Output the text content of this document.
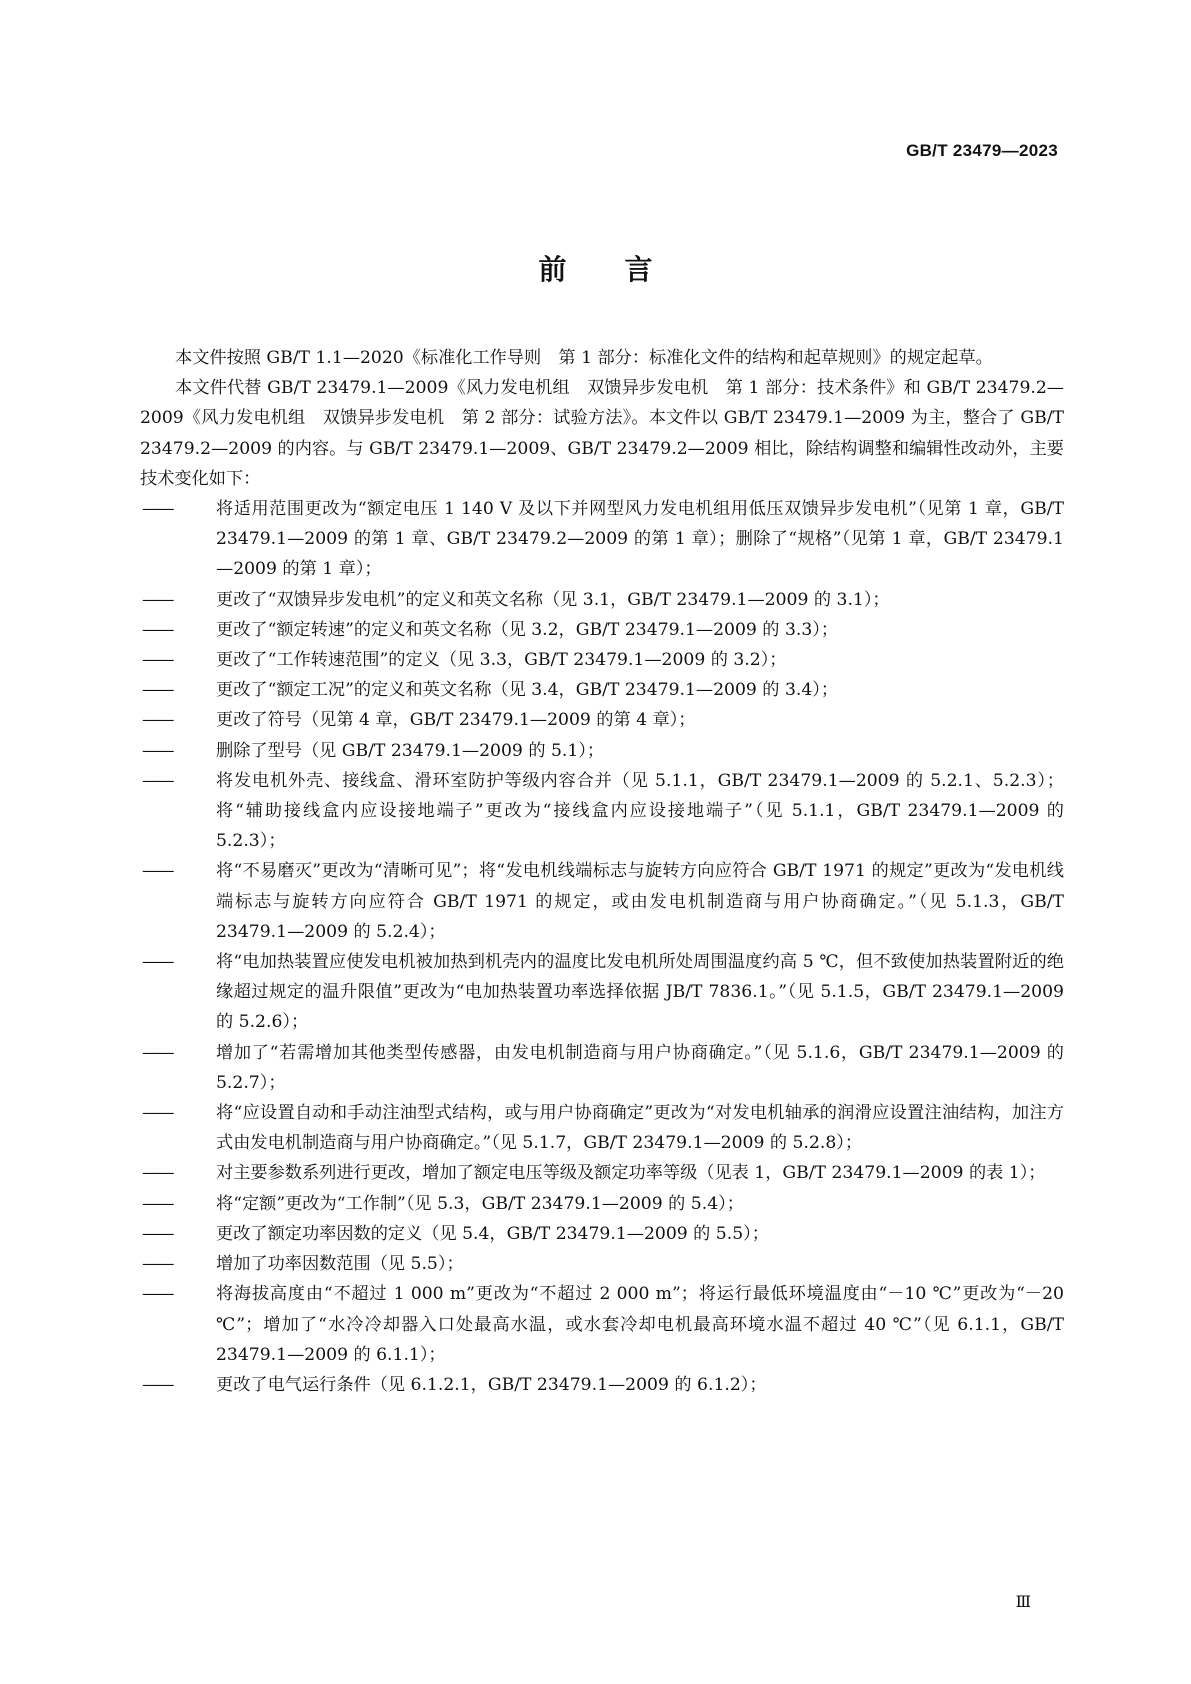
GB/T 23479—2023
前言

本文件按照 GB/T 1.1—2020《标准化工作导则　第 1 部分：标准化文件的结构和起草规则》的规定起草。

本文件代替 GB/T 23479.1—2009《风力发电机组　双馈异步发电机　第 1 部分：技术条件》和 GB/T 23479.2—2009《风力发电机组　双馈异步发电机　第 2 部分：试验方法》。本文件以 GB/T 23479.1—2009 为主，整合了 GB/T 23479.2—2009 的内容。与 GB/T 23479.1—2009、GB/T 23479.2—2009 相比，除结构调整和编辑性改动外，主要技术变化如下：

——	将适用范围更改为“额定电压 1 140 V 及以下并网型风力发电机组用低压双馈异步发电机”（见第 1 章，GB/T 23479.1—2009 的第 1 章、GB/T 23479.2—2009 的第 1 章）；删除了“规格”（见第 1 章，GB/T 23479.1—2009 的第 1 章）；
——	更改了“双馈异步发电机”的定义和英文名称（见 3.1，GB/T 23479.1—2009 的 3.1）；
——	更改了“额定转速”的定义和英文名称（见 3.2，GB/T 23479.1—2009 的 3.3）；
——	更改了“工作转速范围”的定义（见 3.3，GB/T 23479.1—2009 的 3.2）；
——	更改了“额定工况”的定义和英文名称（见 3.4，GB/T 23479.1—2009 的 3.4）；
——	更改了符号（见第 4 章，GB/T 23479.1—2009 的第 4 章）；
——	删除了型号（见 GB/T 23479.1—2009 的 5.1）；
——	将发电机外壳、接线盒、滑环室防护等级内容合并（见 5.1.1，GB/T 23479.1—2009 的 5.2.1、5.2.3）；将“辅助接线盒内应设接地端子”更改为“接线盒内应设接地端子”（见 5.1.1，GB/T 23479.1—2009 的 5.2.3）；
——	将“不易磨灭”更改为“清晰可见”；将“发电机线端标志与旋转方向应符合 GB/T 1971 的规定”更改为“发电机线端标志与旋转方向应符合 GB/T 1971 的规定，或由发电机制造商与用户协商确定。”（见 5.1.3，GB/T 23479.1—2009 的 5.2.4）；
——	将“电加热装置应使发电机被加热到机壳内的温度比发电机所处周围温度约高 5 ℃，但不致使加热装置附近的绝缘超过规定的温升限值”更改为“电加热装置功率选择依据 JB/T 7836.1。”（见 5.1.5，GB/T 23479.1—2009 的 5.2.6）；
——	增加了“若需增加其他类型传感器，由发电机制造商与用户协商确定。”（见 5.1.6，GB/T 23479.1—2009 的 5.2.7）；
——	将“应设置自动和手动注油型式结构，或与用户协商确定”更改为“对发电机轴承的润滑应设置注油结构，加注方式由发电机制造商与用户协商确定。”（见 5.1.7，GB/T 23479.1—2009 的 5.2.8）；
——	对主要参数系列进行更改，增加了额定电压等级及额定功率等级（见表 1，GB/T 23479.1—2009 的表 1）；
——	将“定额”更改为“工作制”（见 5.3，GB/T 23479.1—2009 的 5.4）；
——	更改了额定功率因数的定义（见 5.4，GB/T 23479.1—2009 的 5.5）；
——	增加了功率因数范围（见 5.5）；
——	将海拔高度由“不超过 1 000 m”更改为“不超过 2 000 m”；将运行最低环境温度由“－10 ℃”更改为“－20 ℃”；增加了“水冷冷却器入口处最高水温，或水套冷却电机最高环境水温不超过 40 ℃”（见 6.1.1，GB/T 23479.1—2009 的 6.1.1）；
——	更改了电气运行条件（见 6.1.2.1，GB/T 23479.1—2009 的 6.1.2）；
Ⅲ
